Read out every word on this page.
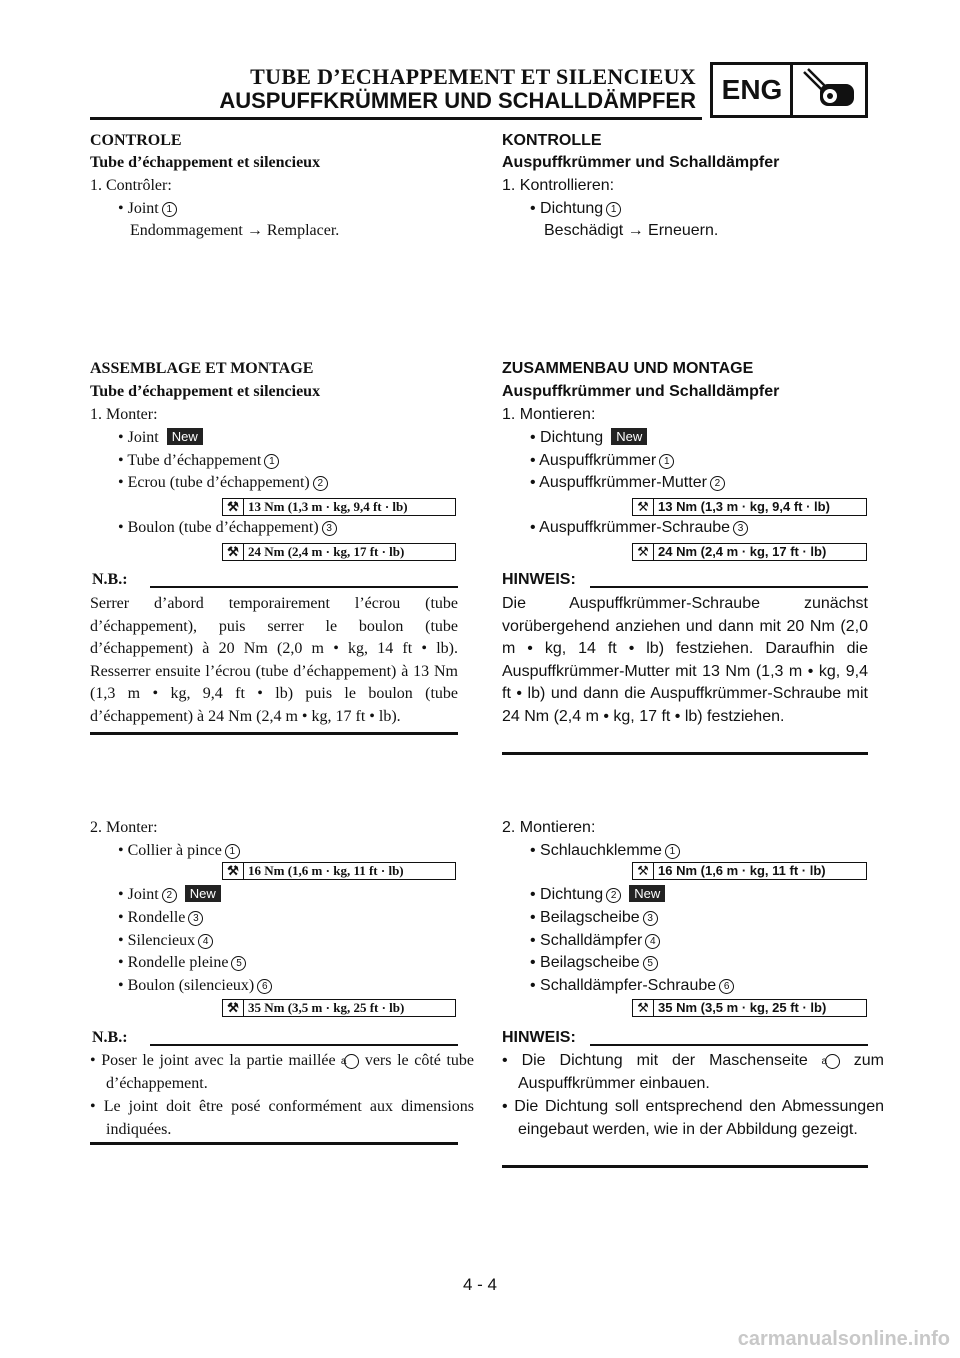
TUBE D’ECHAPPEMENT ET SILENCIEUX
AUSPUFFKRÜMMER UND SCHALLDÄMPFER ENG
CONTROLE
Tube d’échappement et silencieux
1. Contrôler:
• Joint 1
Endommagement → Remplacer.
ASSEMBLAGE ET MONTAGE
Tube d’échappement et silencieux
1. Monter:
• Joint New
• Tube d’échappement 1
• Ecrou (tube d’échappement) 2
⚒ 13 Nm (1,3 m · kg, 9,4 ft · lb)
• Boulon (tube d’échappement) 3
⚒ 24 Nm (2,4 m · kg, 17 ft · lb)
N.B.:
Serrer d’abord temporairement l’écrou (tube d’échappement), puis serrer le boulon (tube d’échappement) à 20 Nm (2,0 m • kg, 14 ft • lb). Resserrer ensuite l’écrou (tube d’échappement) à 13 Nm (1,3 m • kg, 9,4 ft • lb) puis le boulon (tube d’échappement) à 24 Nm (2,4 m • kg, 17 ft • lb).
2. Monter:
• Collier à pince 1
⚒ 16 Nm (1,6 m · kg, 11 ft · lb)
• Joint 2 New
• Rondelle 3
• Silencieux 4
• Rondelle pleine 5
• Boulon (silencieux) 6
⚒ 35 Nm (3,5 m · kg, 25 ft · lb)
N.B.:
• Poser le joint avec la partie maillée a vers le côté tube d’échappement.
• Le joint doit être posé conformément aux dimensions indiquées.
KONTROLLE
Auspuffkrümmer und Schalldämpfer
1. Kontrollieren:
• Dichtung 1
Beschädigt → Erneuern.
ZUSAMMENBAU UND MONTAGE
Auspuffkrümmer und Schalldämpfer
1. Montieren:
• Dichtung New
• Auspuffkrümmer 1
• Auspuffkrümmer-Mutter 2
⚒ 13 Nm (1,3 m · kg, 9,4 ft · lb)
• Auspuffkrümmer-Schraube 3
⚒ 24 Nm (2,4 m · kg, 17 ft · lb)
HINWEIS:
Die Auspuffkrümmer-Schraube zunächst vorübergehend anziehen und dann mit 20 Nm (2,0 m • kg, 14 ft • lb) festziehen. Daraufhin die Auspuffkrümmer-Mutter mit 13 Nm (1,3 m • kg, 9,4 ft • lb) und dann die Auspuffkrümmer-Schraube mit 24 Nm (2,4 m • kg, 17 ft • lb) festziehen.
2. Montieren:
• Schlauchklemme 1
⚒ 16 Nm (1,6 m · kg, 11 ft · lb)
• Dichtung 2 New
• Beilagscheibe 3
• Schalldämpfer 4
• Beilagscheibe 5
• Schalldämpfer-Schraube 6
⚒ 35 Nm (3,5 m · kg, 25 ft · lb)
HINWEIS:
• Die Dichtung mit der Maschenseite a zum Auspuffkrümmer einbauen.
• Die Dichtung soll entsprechend den Abmessungen eingebaut werden, wie in der Abbildung gezeigt.
4 - 4
carmanualsonline.info
